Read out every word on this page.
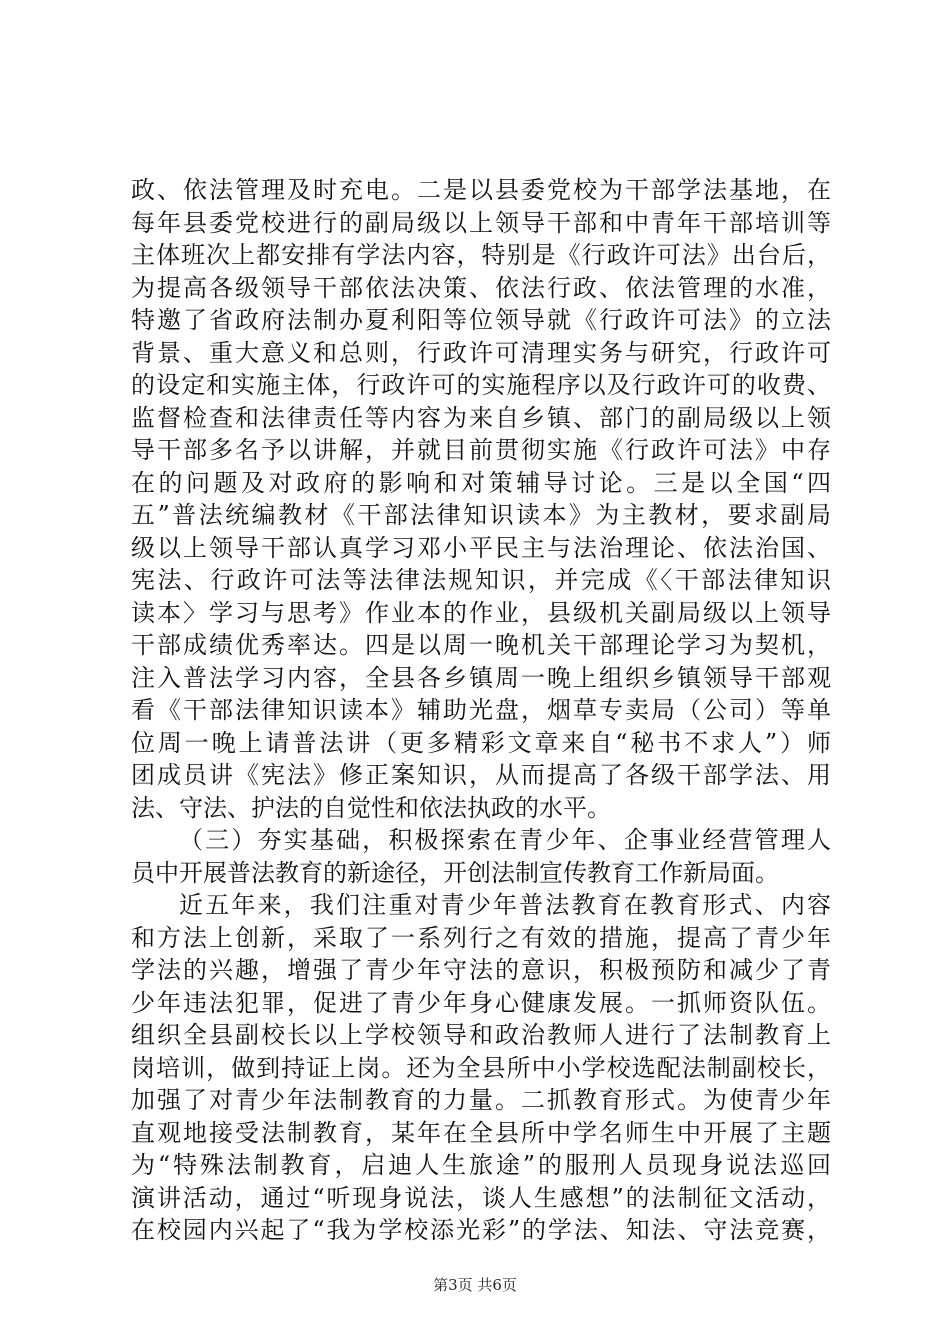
政、依法管理及时充电。二是以县委党校为干部学法基地，在
每年县委党校进行的副局级以上领导干部和中青年干部培训等
主体班次上都安排有学法内容，特别是《行政许可法》出台后，
为提高各级领导干部依法决策、依法行政、依法管理的水准，
特邀了省政府法制办夏利阳等位领导就《行政许可法》的立法
背景、重大意义和总则，行政许可清理实务与研究，行政许可
的设定和实施主体，行政许可的实施程序以及行政许可的收费、
监督检查和法律责任等内容为来自乡镇、部门的副局级以上领
导干部多名予以讲解，并就目前贯彻实施《行政许可法》中存
在的问题及对政府的影响和对策辅导讨论。三是以全国“四
五”普法统编教材《干部法律知识读本》为主教材，要求副局
级以上领导干部认真学习邓小平民主与法治理论、依法治国、
宪法、行政许可法等法律法规知识，并完成《〈干部法律知识
读本〉学习与思考》作业本的作业，县级机关副局级以上领导
干部成绩优秀率达。四是以周一晚机关干部理论学习为契机，
注入普法学习内容，全县各乡镇周一晚上组织乡镇领导干部观
看《干部法律知识读本》辅助光盘，烟草专卖局（公司）等单
位周一晚上请普法讲（更多精彩文章来自“秘书不求人”）师
团成员讲《宪法》修正案知识，从而提高了各级干部学法、用
法、守法、护法的自觉性和依法执政的水平。
（三）夯实基础，积极探索在青少年、企事业经营管理人
员中开展普法教育的新途径，开创法制宣传教育工作新局面。
近五年来，我们注重对青少年普法教育在教育形式、内容
和方法上创新，采取了一系列行之有效的措施，提高了青少年
学法的兴趣，增强了青少年守法的意识，积极预防和减少了青
少年违法犯罪，促进了青少年身心健康发展。一抓师资队伍。
组织全县副校长以上学校领导和政治教师人进行了法制教育上
岗培训，做到持证上岗。还为全县所中小学校选配法制副校长，
加强了对青少年法制教育的力量。二抓教育形式。为使青少年
直观地接受法制教育，某年在全县所中学名师生中开展了主题
为“特殊法制教育，启迪人生旅途”的服刑人员现身说法巡回
演讲活动，通过“听现身说法，谈人生感想”的法制征文活动，
在校园内兴起了“我为学校添光彩”的学法、知法、守法竞赛，
第3页 共6页
